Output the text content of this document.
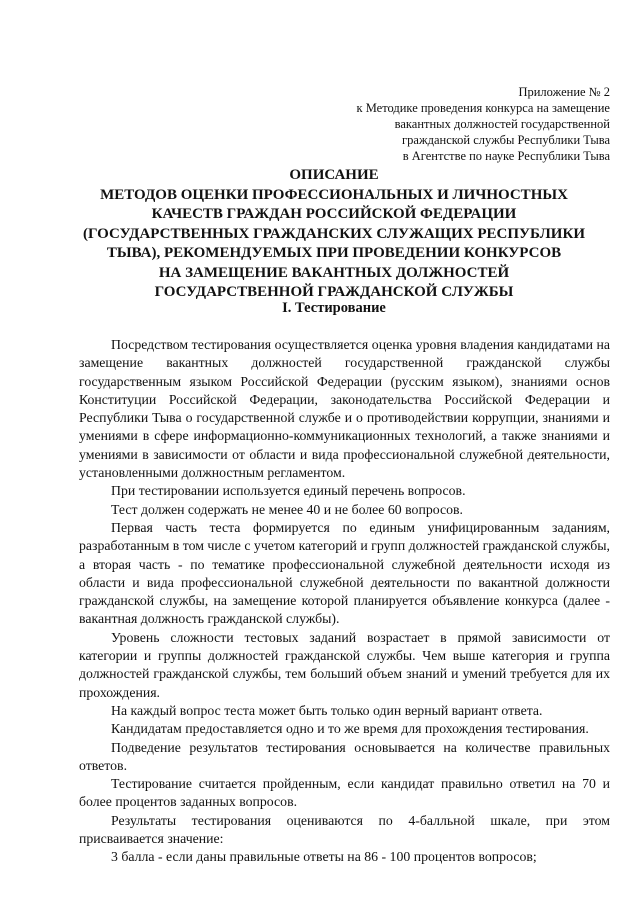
Приложение № 2
к Методике проведения конкурса на замещение
вакантных должностей государственной
гражданской службы Республики Тыва
в Агентстве по науке Республики Тыва
ОПИСАНИЕ
МЕТОДОВ ОЦЕНКИ ПРОФЕССИОНАЛЬНЫХ И ЛИЧНОСТНЫХ
КАЧЕСТВ ГРАЖДАН РОССИЙСКОЙ ФЕДЕРАЦИИ
(ГОСУДАРСТВЕННЫХ ГРАЖДАНСКИХ СЛУЖАЩИХ РЕСПУБЛИКИ
ТЫВА), РЕКОМЕНДУЕМЫХ ПРИ ПРОВЕДЕНИИ КОНКУРСОВ
НА ЗАМЕЩЕНИЕ ВАКАНТНЫХ ДОЛЖНОСТЕЙ
ГОСУДАРСТВЕННОЙ ГРАЖДАНСКОЙ СЛУЖБЫ
I. Тестирование

Посредством тестирования осуществляется оценка уровня владения кандидатами на замещение вакантных должностей государственной гражданской службы государственным языком Российской Федерации (русским языком), знаниями основ Конституции Российской Федерации, законодательства Российской Федерации и Республики Тыва о государственной службе и о противодействии коррупции, знаниями и умениями в сфере информационно-коммуникационных технологий, а также знаниями и умениями в зависимости от области и вида профессиональной служебной деятельности, установленными должностным регламентом.

При тестировании используется единый перечень вопросов.

Тест должен содержать не менее 40 и не более 60 вопросов.

Первая часть теста формируется по единым унифицированным заданиям, разработанным в том числе с учетом категорий и групп должностей гражданской службы, а вторая часть - по тематике профессиональной служебной деятельности исходя из области и вида профессиональной служебной деятельности по вакантной должности гражданской службы, на замещение которой планируется объявление конкурса (далее - вакантная должность гражданской службы).

Уровень сложности тестовых заданий возрастает в прямой зависимости от категории и группы должностей гражданской службы. Чем выше категория и группа должностей гражданской службы, тем больший объем знаний и умений требуется для их прохождения.

На каждый вопрос теста может быть только один верный вариант ответа.

Кандидатам предоставляется одно и то же время для прохождения тестирования.

Подведение результатов тестирования основывается на количестве правильных ответов.

Тестирование считается пройденным, если кандидат правильно ответил на 70 и более процентов заданных вопросов.

Результаты тестирования оцениваются по 4-балльной шкале, при этом присваивается значение:

3 балла - если даны правильные ответы на 86 - 100 процентов вопросов;
